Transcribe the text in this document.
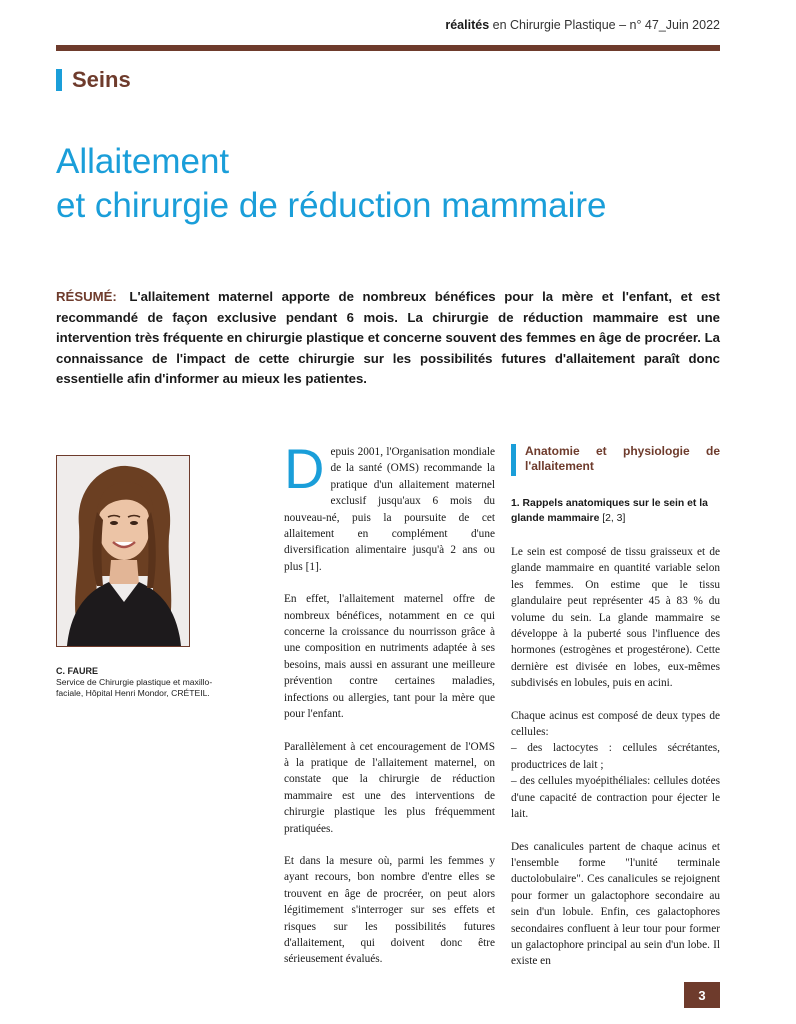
réalités en Chirurgie Plastique – n° 47_Juin 2022
Seins
Allaitement
et chirurgie de réduction mammaire
RÉSUMÉ: L'allaitement maternel apporte de nombreux bénéfices pour la mère et l'enfant, et est recommandé de façon exclusive pendant 6 mois. La chirurgie de réduction mammaire est une intervention très fréquente en chirurgie plastique et concerne souvent des femmes en âge de procréer. La connaissance de l'impact de cette chirurgie sur les possibilités futures d'allaitement paraît donc essentielle afin d'informer au mieux les patientes.
C. FAURE
Service de Chirurgie plastique et maxillo-faciale, Hôpital Henri Mondor, CRÉTEIL.

Depuis 2001, l'Organisation mondiale de la santé (OMS) recommande la pratique d'un allaitement maternel exclusif jusqu'aux 6 mois du nouveau-né, puis la poursuite de cet allaitement en complément d'une diversification alimentaire jusqu'à 2 ans ou plus [1].

En effet, l'allaitement maternel offre de nombreux bénéfices, notamment en ce qui concerne la croissance du nourrisson grâce à une composition en nutriments adaptée à ses besoins, mais aussi en assurant une meilleure prévention contre certaines maladies, infections ou allergies, tant pour la mère que pour l'enfant.

Parallèlement à cet encouragement de l'OMS à la pratique de l'allaitement maternel, on constate que la chirurgie de réduction mammaire est une des interventions de chirurgie plastique les plus fréquemment pratiquées.

Et dans la mesure où, parmi les femmes y ayant recours, bon nombre d'entre elles se trouvent en âge de procréer, on peut alors légitimement s'interroger sur ses effets et risques sur les possibilités futures d'allaitement, qui doivent donc être sérieusement évalués.

Anatomie et physiologie de l'allaitement
1. Rappels anatomiques sur le sein et la glande mammaire [2, 3]

Le sein est composé de tissu graisseux et de glande mammaire en quantité variable selon les femmes. On estime que le tissu glandulaire peut représenter 45 à 83 % du volume du sein. La glande mammaire se développe à la puberté sous l'influence des hormones (estrogènes et progestérone). Cette dernière est divisée en lobes, eux-mêmes subdivisés en lobules, puis en acini.

Chaque acinus est composé de deux types de cellules:
– des lactocytes : cellules sécrétantes, productrices de lait ;
– des cellules myoépithéliales: cellules dotées d'une capacité de contraction pour éjecter le lait.

Des canalicules partent de chaque acinus et l'ensemble forme "l'unité terminale ductolobulaire". Ces canalicules se rejoignent pour former un galactophore secondaire au sein d'un lobule. Enfin, ces galactophores secondaires confluent à leur tour pour former un galactophore principal au sein d'un lobe. Il existe en

3
